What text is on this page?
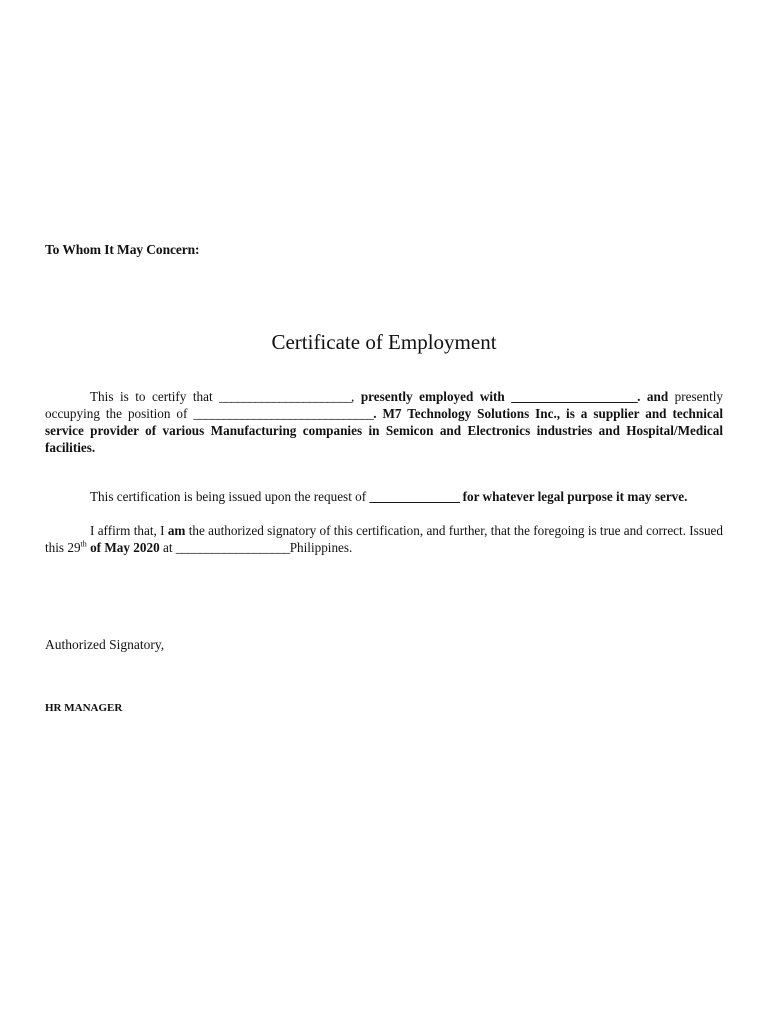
To Whom It May Concern:
Certificate of Employment
This is to certify that ______________________, presently employed with _____________________. and presently occupying the position of ______________________________. M7 Technology Solutions Inc., is a supplier and technical service provider of various Manufacturing companies in Semicon and Electronics industries and Hospital/Medical facilities.
This certification is being issued upon the request of _______________ for whatever legal purpose it may serve.
I affirm that, I am the authorized signatory of this certification, and further, that the foregoing is true and correct. Issued this 29th of May 2020 at ___________________Philippines.
Authorized Signatory,
HR MANAGER
